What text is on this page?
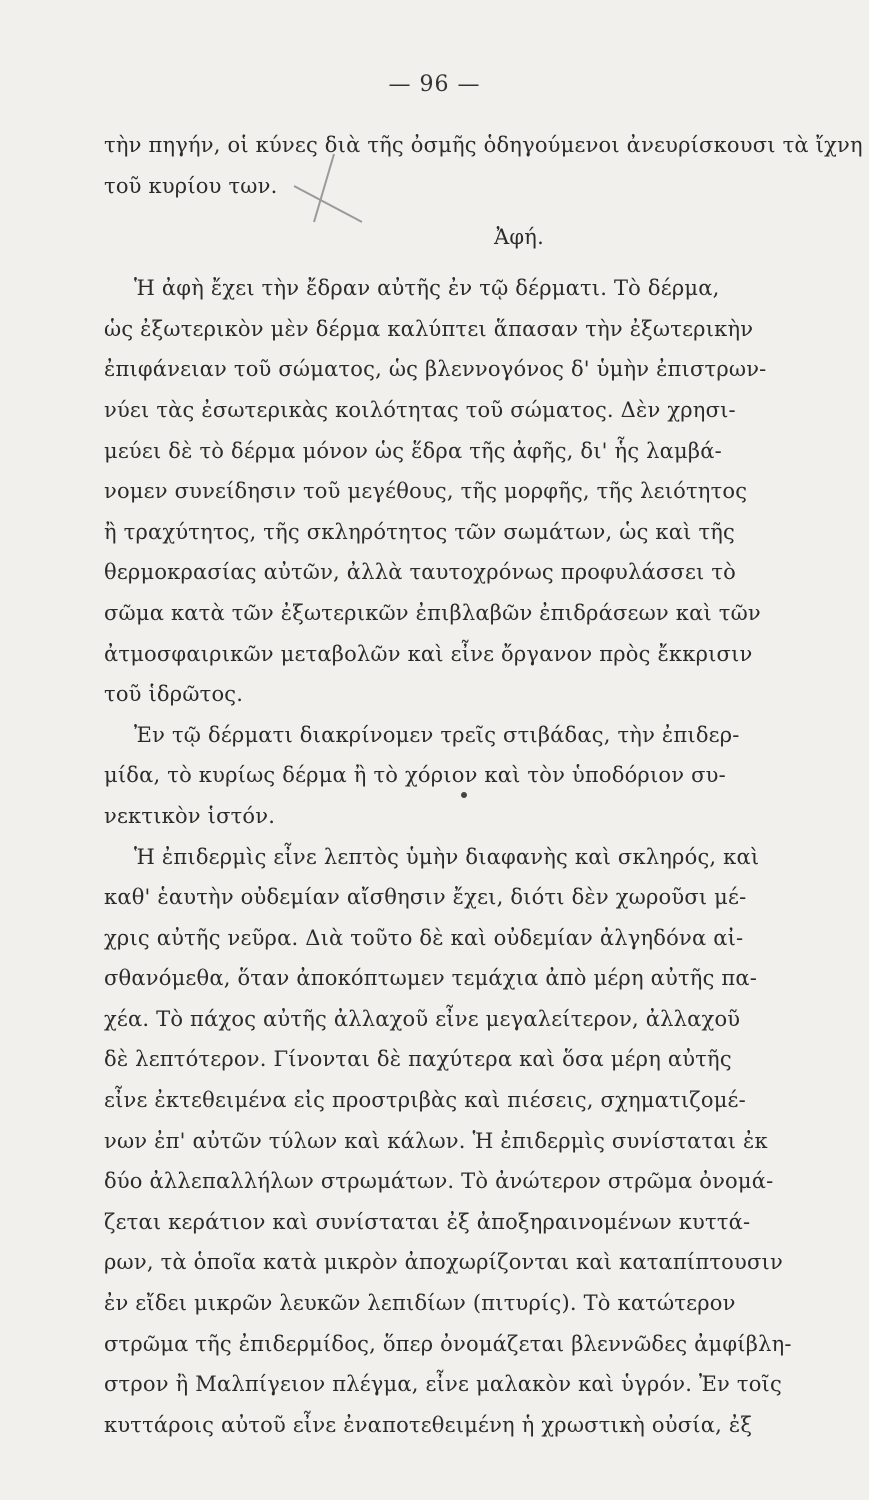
— 96 —
τὴν πηγήν, οἱ κύνες διὰ τῆς ὀσμῆς ὁδηγούμενοι ἀνευρίσκουσι τὰ ἴχνη
τοῦ κυρίου των.
Ἀφή.
Ἡ ἀφὴ ἔχει τὴν ἔδραν αὐτῆς ἐν τῷ δέρματι. Τὸ δέρμα,
ὡς ἐξωτερικὸν μὲν δέρμα καλύπτει ἅπασαν τὴν ἐξωτερικὴν
ἐπιφάνειαν τοῦ σώματος, ὡς βλεννογόνος δ' ὑμὴν ἐπιστρων-
νύει τὰς ἐσωτερικὰς κοιλότητας τοῦ σώματος. Δὲν χρησι-
μεύει δὲ τὸ δέρμα μόνον ὡς ἕδρα τῆς ἀφῆς, δι' ἧς λαμβά-
νομεν συνείδησιν τοῦ μεγέθους, τῆς μορφῆς, τῆς λειότητος
ἢ τραχύτητος, τῆς σκληρότητος τῶν σωμάτων, ὡς καὶ τῆς
θερμοκρασίας αὐτῶν, ἀλλὰ ταυτοχρόνως προφυλάσσει τὸ
σῶμα κατὰ τῶν ἐξωτερικῶν ἐπιβλαβῶν ἐπιδράσεων καὶ τῶν
ἀτμοσφαιρικῶν μεταβολῶν καὶ εἶνε ὄργανον πρὸς ἔκκρισιν
τοῦ ἱδρῶτος.
Ἐν τῷ δέρματι διακρίνομεν τρεῖς στιβάδας, τὴν ἐπιδερ-
μίδα, τὸ κυρίως δέρμα ἢ τὸ χόριον καὶ τὸν ὑποδόριον συ-
νεκτικὸν ἱστόν.
Ἡ ἐπιδερμὶς εἶνε λεπτὸς ὑμὴν διαφανὴς καὶ σκληρός, καὶ
καθ' ἑαυτὴν οὐδεμίαν αἴσθησιν ἔχει, διότι δὲν χωροῦσι μέ-
χρις αὐτῆς νεῦρα. Διὰ τοῦτο δὲ καὶ οὐδεμίαν ἀλγηδόνα αἰ-
σθανόμεθα, ὅταν ἀποκόπτωμεν τεμάχια ἀπὸ μέρη αὐτῆς πα-
χέα. Τὸ πάχος αὐτῆς ἀλλαχοῦ εἶνε μεγαλείτερον, ἀλλαχοῦ
δὲ λεπτότερον. Γίνονται δὲ παχύτερα καὶ ὅσα μέρη αὐτῆς
εἶνε ἐκτεθειμένα εἰς προστριβὰς καὶ πιέσεις, σχηματιζομέ-
νων ἐπ' αὐτῶν τύλων καὶ κάλων. Ἡ ἐπιδερμὶς συνίσταται ἐκ
δύο ἀλλεπαλλήλων στρωμάτων. Τὸ ἀνώτερον στρῶμα ὀνομά-
ζεται κεράτιον καὶ συνίσταται ἐξ ἀποξηραινομένων κυττά-
ρων, τὰ ὁποῖα κατὰ μικρὸν ἀποχωρίζονται καὶ καταπίπτουσιν
ἐν εἴδει μικρῶν λευκῶν λεπιδίων (πιτυρίς). Τὸ κατώτερον
στρῶμα τῆς ἐπιδερμίδος, ὅπερ ὀνομάζεται βλεννῶδες ἀμφίβλη-
στρον ἢ Μαλπίγειον πλέγμα, εἶνε μαλακὸν καὶ ὑγρόν. Ἐν τοῖς
κυττάροις αὐτοῦ εἶνε ἐναποτεθειμένη ἡ χρωστικὴ οὐσία, ἐξ
